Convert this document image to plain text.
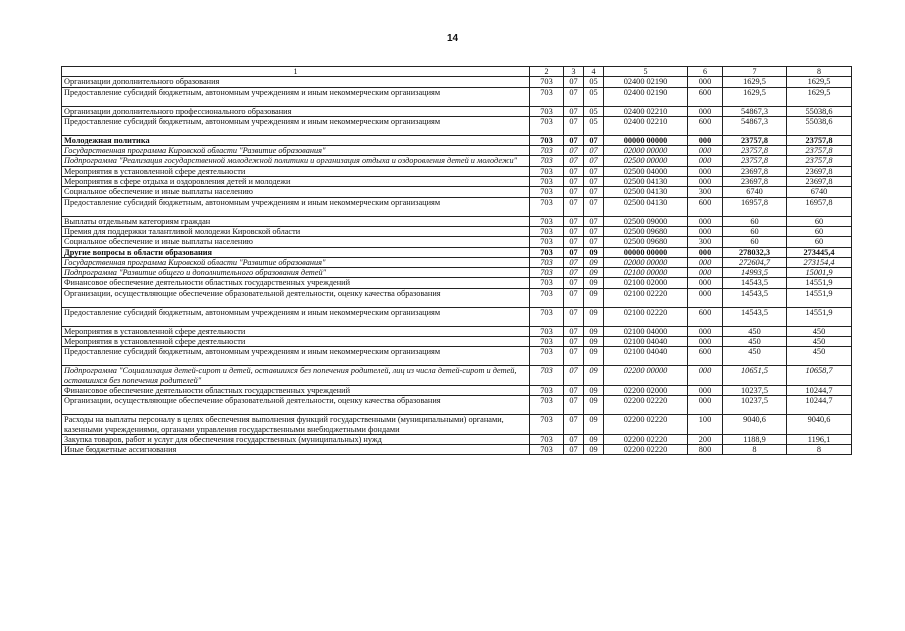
14
1	2	3	4	5	6	7	8
Организации дополнительного образования	703	07	05	02400 02190	000	1629,5	1629,5
Предоставление субсидий бюджетным, автономным учреждениям и иным некоммерческим организациям	703	07	05	02400 02190	600	1629,5	1629,5
Организации дополнительного профессионального образования	703	07	05	02400 02210	000	54867,3	55038,6
Предоставление субсидий бюджетным, автономным учреждениям и иным некоммерческим организациям	703	07	05	02400 02210	600	54867,3	55038,6
Молодежная политика	703	07	07	00000 00000	000	23757,8	23757,8
Государственная программа Кировской области "Развитие образования"	703	07	07	02000 00000	000	23757,8	23757,8
Подпрограмма "Реализация государственной молодежной политики и организация отдыха и оздоровления детей и молодежи"	703	07	07	02500 00000	000	23757,8	23757,8
Мероприятия в установленной сфере деятельности	703	07	07	02500 04000	000	23697,8	23697,8
Мероприятия в сфере отдыха и оздоровления детей и молодежи	703	07	07	02500 04130	000	23697,8	23697,8
Социальное обеспечение и иные выплаты населению	703	07	07	02500 04130	300	6740	6740
Предоставление субсидий бюджетным, автономным учреждениям и иным некоммерческим организациям	703	07	07	02500 04130	600	16957,8	16957,8
Выплаты отдельным категориям граждан	703	07	07	02500 09000	000	60	60
Премия для поддержки талантливой молодежи Кировской области	703	07	07	02500 09680	000	60	60
Социальное обеспечение и иные выплаты населению	703	07	07	02500 09680	300	60	60
Другие вопросы в области образования	703	07	09	00000 00000	000	278032,3	273445,4
Государственная программа Кировской области "Развитие образования"	703	07	09	02000 00000	000	272604,7	273154,4
Подпрограмма "Развитие общего и дополнительного образования детей"	703	07	09	02100 00000	000	14993,5	15001,9
Финансовое обеспечение деятельности областных государственных учреждений	703	07	09	02100 02000	000	14543,5	14551,9
Организации, осуществляющие обеспечение образовательной деятельности, оценку качества образования	703	07	09	02100 02220	000	14543,5	14551,9
Предоставление субсидий бюджетным, автономным учреждениям и иным некоммерческим организациям	703	07	09	02100 02220	600	14543,5	14551,9
Мероприятия в установленной сфере деятельности	703	07	09	02100 04000	000	450	450
Мероприятия в установленной сфере деятельности	703	07	09	02100 04040	000	450	450
Предоставление субсидий бюджетным, автономным учреждениям и иным некоммерческим организациям	703	07	09	02100 04040	600	450	450
Подпрограмма "Социализация детей-сирот и детей, оставшихся без попечения родителей, лиц из числа детей-сирот и детей, оставшихся без попечения родителей"	703	07	09	02200 00000	000	10651,5	10658,7
Финансовое обеспечение деятельности областных государственных учреждений	703	07	09	02200 02000	000	10237,5	10244,7
Организации, осуществляющие обеспечение образовательной деятельности, оценку качества образования	703	07	09	02200 02220	000	10237,5	10244,7
Расходы на выплаты персоналу в целях обеспечения выполнения функций государственными (муниципальными) органами, казенными учреждениями, органами управления государственными внебюджетными фондами	703	07	09	02200 02220	100	9040,6	9040,6
Закупка товаров, работ и услуг для обеспечения государственных (муниципальных) нужд	703	07	09	02200 02220	200	1188,9	1196,1
Иные бюджетные ассигнования	703	07	09	02200 02220	800	8	8
